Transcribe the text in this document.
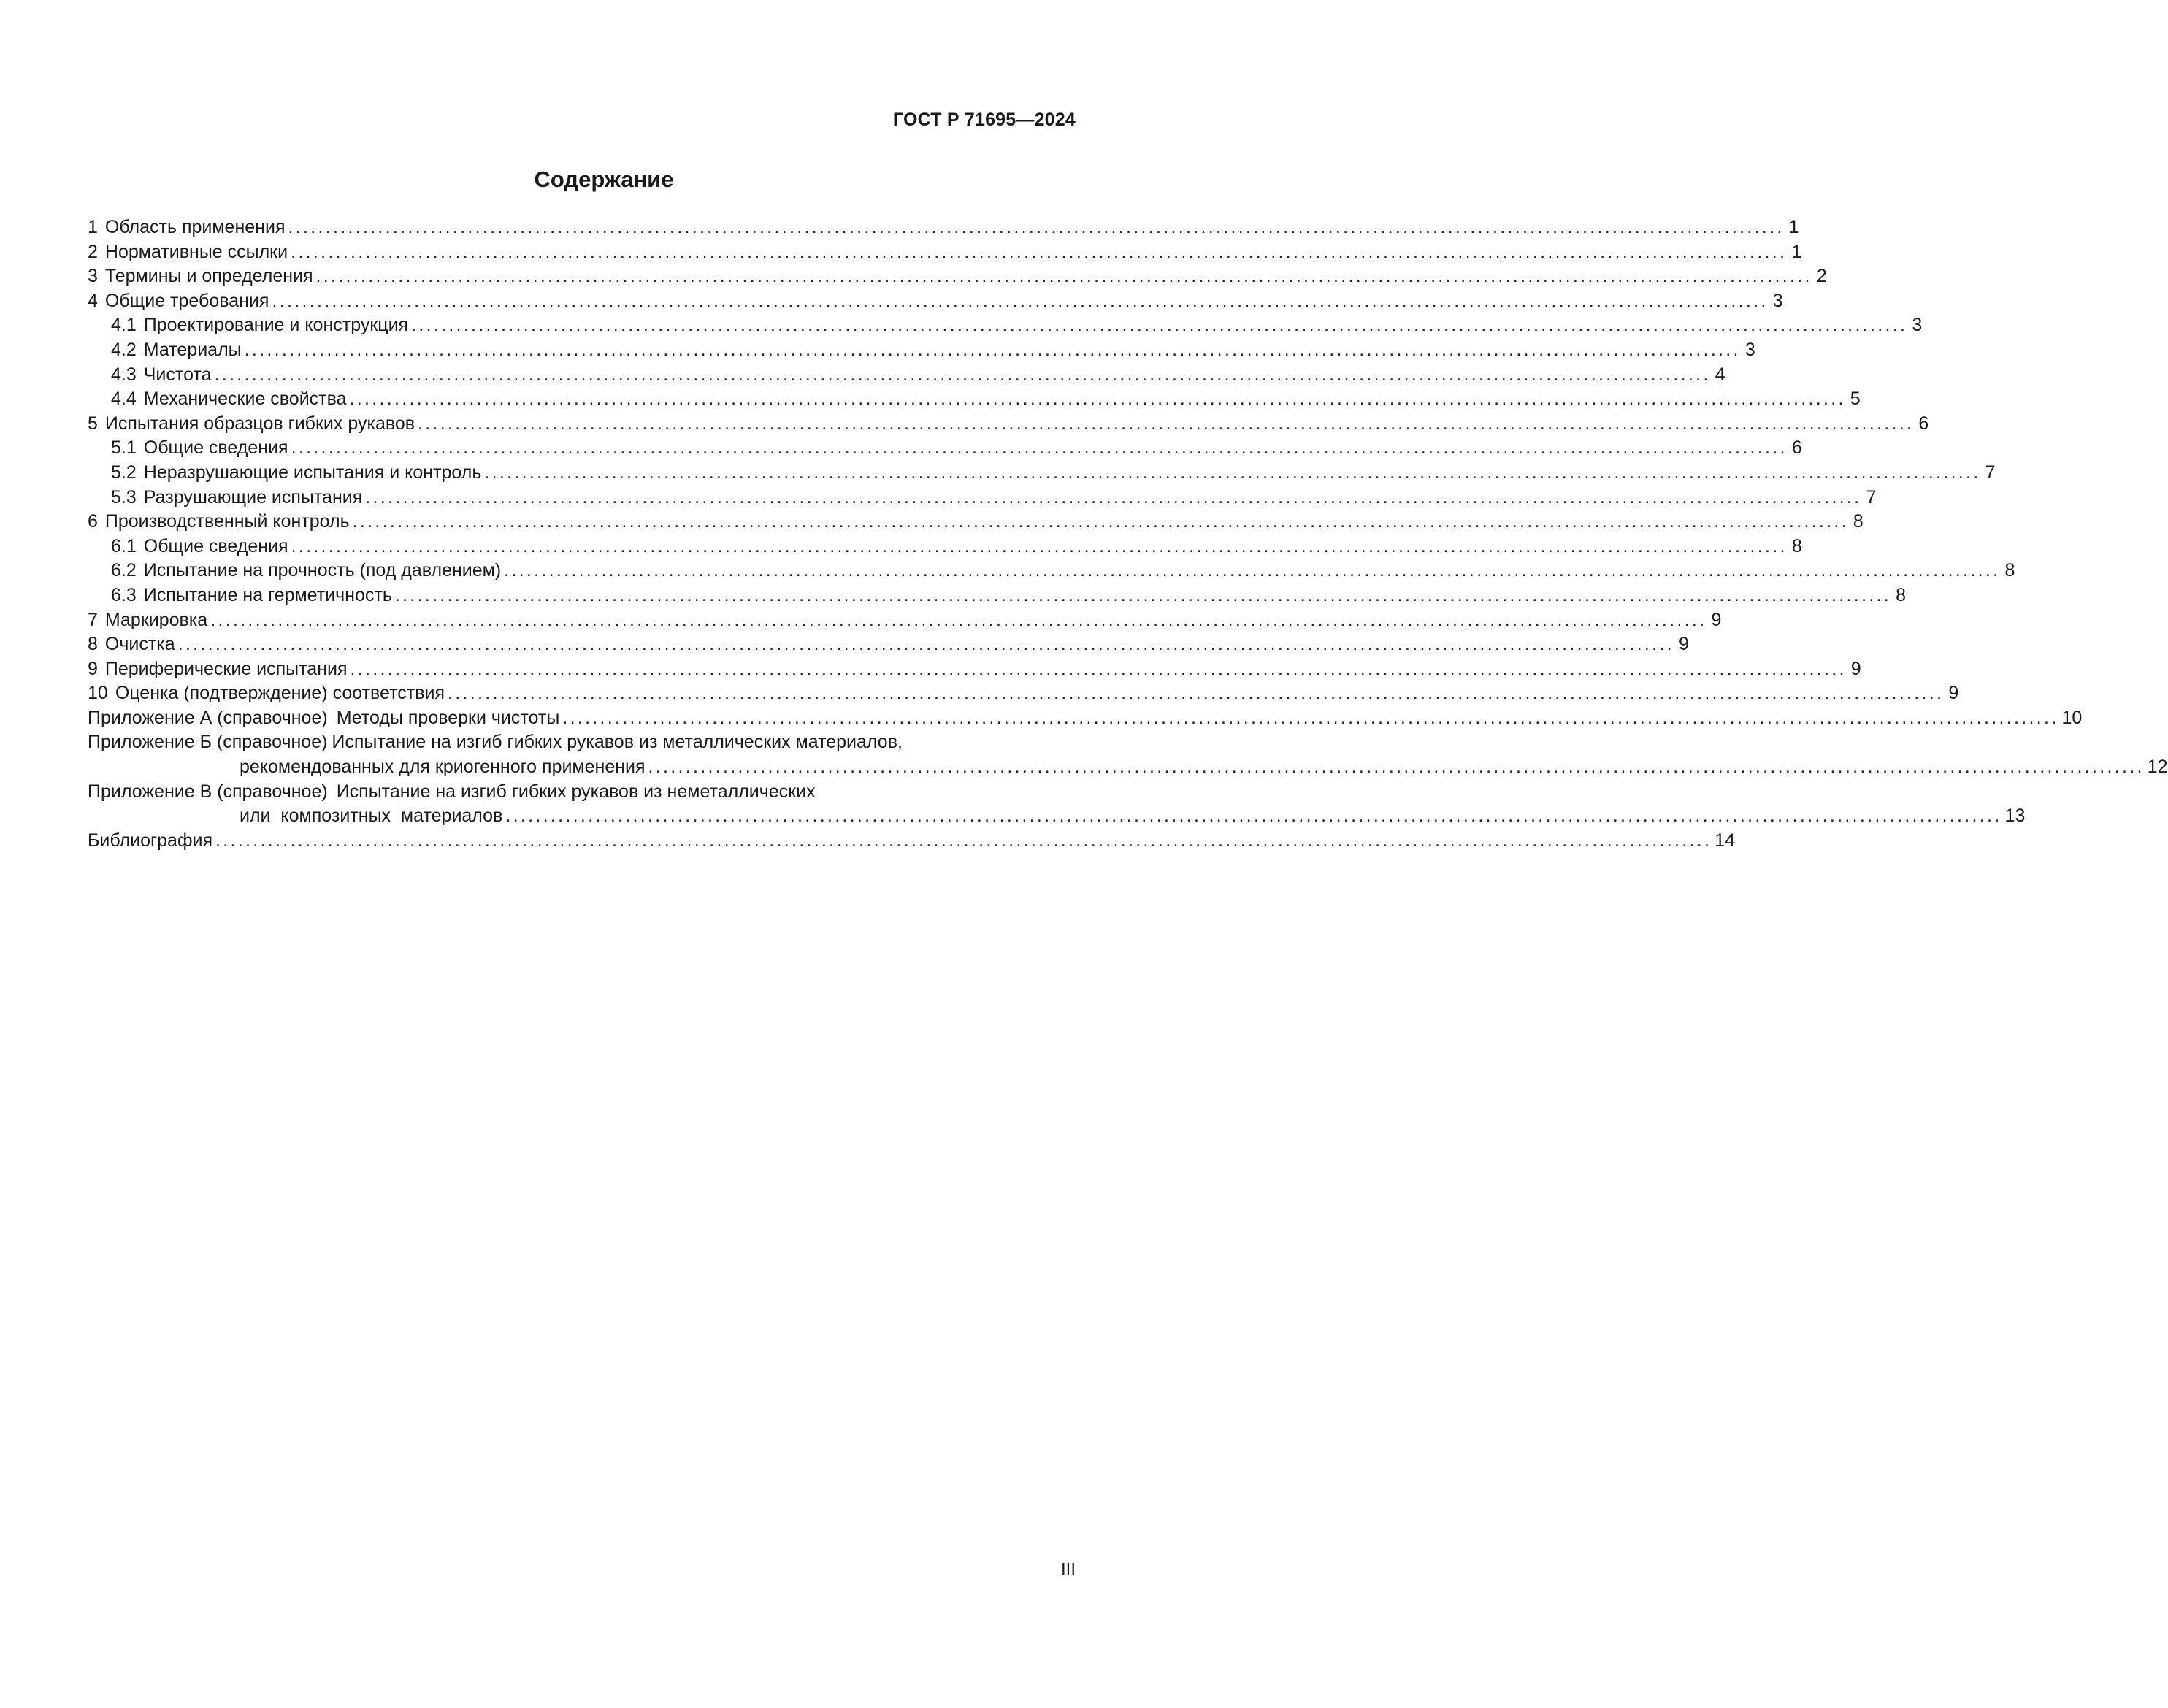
ГОСТ Р 71695—2024
Содержание
1 Область применения ........................................................................................................................................................................................................ 1
2 Нормативные ссылки ........................................................................................................................................................................................................ 1
3 Термины и определения ........................................................................................................................................................................................................ 2
4 Общие требования ........................................................................................................................................................................................................ 3
4.1 Проектирование и конструкция ........................................................................................................................................................................................................ 3
4.2 Материалы ........................................................................................................................................................................................................ 3
4.3 Чистота ........................................................................................................................................................................................................ 4
4.4 Механические свойства ........................................................................................................................................................................................................ 5
5 Испытания образцов гибких рукавов ........................................................................................................................................................................................................ 6
5.1 Общие сведения ........................................................................................................................................................................................................ 6
5.2 Неразрушающие испытания и контроль ........................................................................................................................................................................................................ 7
5.3 Разрушающие испытания ........................................................................................................................................................................................................ 7
6 Производственный контроль ........................................................................................................................................................................................................ 8
6.1 Общие сведения ........................................................................................................................................................................................................ 8
6.2 Испытание на прочность (под давлением) ........................................................................................................................................................................................................ 8
6.3 Испытание на герметичность ........................................................................................................................................................................................................ 8
7 Маркировка ........................................................................................................................................................................................................ 9
8 Очистка ........................................................................................................................................................................................................ 9
9 Периферические испытания ........................................................................................................................................................................................................ 9
10 Оценка (подтверждение) соответствия ........................................................................................................................................................................................................ 9
Приложение А (справочное) Методы проверки чистоты ........................................................................................................................................................................................................ 10
Приложение Б (справочное) Испытание на изгиб гибких рукавов из металлических материалов,
рекомендованных для криогенного применения ........................................................................................................................................................................................................ 12
Приложение В (справочное) Испытание на изгиб гибких рукавов из неметаллических
или  композитных  материалов ........................................................................................................................................................................................................ 13
Библиография ........................................................................................................................................................................................................ 14
III
